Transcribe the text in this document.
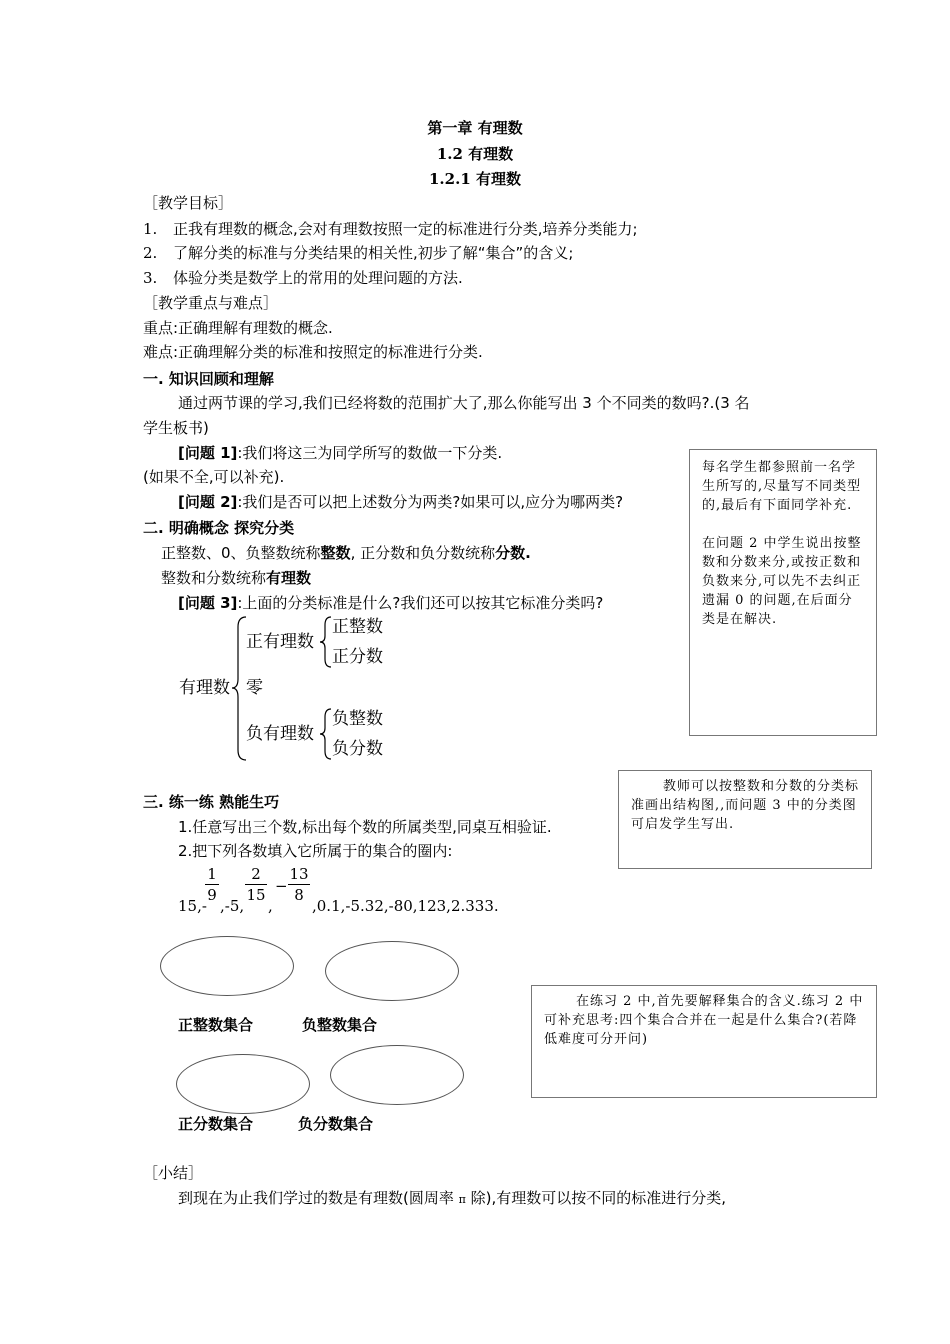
第一章 有理数
1.2 有理数
1.2.1 有理数
［教学目标］
1. 正我有理数的概念,会对有理数按照一定的标准进行分类,培养分类能力;
2. 了解分类的标准与分类结果的相关性,初步了解“集合”的含义;
3. 体验分类是数学上的常用的处理问题的方法.
［教学重点与难点］
重点:正确理解有理数的概念.
难点:正确理解分类的标准和按照定的标准进行分类.
一. 知识回顾和理解
通过两节课的学习,我们已经将数的范围扩大了,那么你能写出 3 个不同类的数吗?.(3 名
学生板书)
[问题 1]:我们将这三为同学所写的数做一下分类.
(如果不全,可以补充).
[问题 2]:我们是否可以把上述数分为两类?如果可以,应分为哪两类?
二. 明确概念 探究分类
正整数、0、负整数统称整数, 正分数和负分数统称分数.
整数和分数统称有理数
[问题 3]:上面的分类标准是什么?我们还可以按其它标准分类吗?
有理数
正有理数
零
负有理数
正整数
正分数
负整数
负分数
三. 练一练 熟能生巧
1.任意写出三个数,标出每个数的所属类型,同桌互相验证.
2.把下列各数填入它所属于的集合的圈内:
15,-
1
9
,-5,
2
15
,
−
13
8
,0.1,-5.32,-80,123,2.333.
正整数集合	负整数集合
正分数集合	负分数集合
［小结］
到现在为止我们学过的数是有理数(圆周率 π 除),有理数可以按不同的标准进行分类,
每名学生都参照前一名学生所写的,尽量写不同类型的,最后有下面同学补充.
在问题 2 中学生说出按整数和分数来分,或按正数和负数来分,可以先不去纠正遗漏 0 的问题,在后面分类是在解决.
教师可以按整数和分数的分类标准画出结构图,,而问题 3 中的分类图可启发学生写出.
在练习 2 中,首先要解释集合的含义.练习 2 中可补充思考:四个集合合并在一起是什么集合?(若降低难度可分开问)
